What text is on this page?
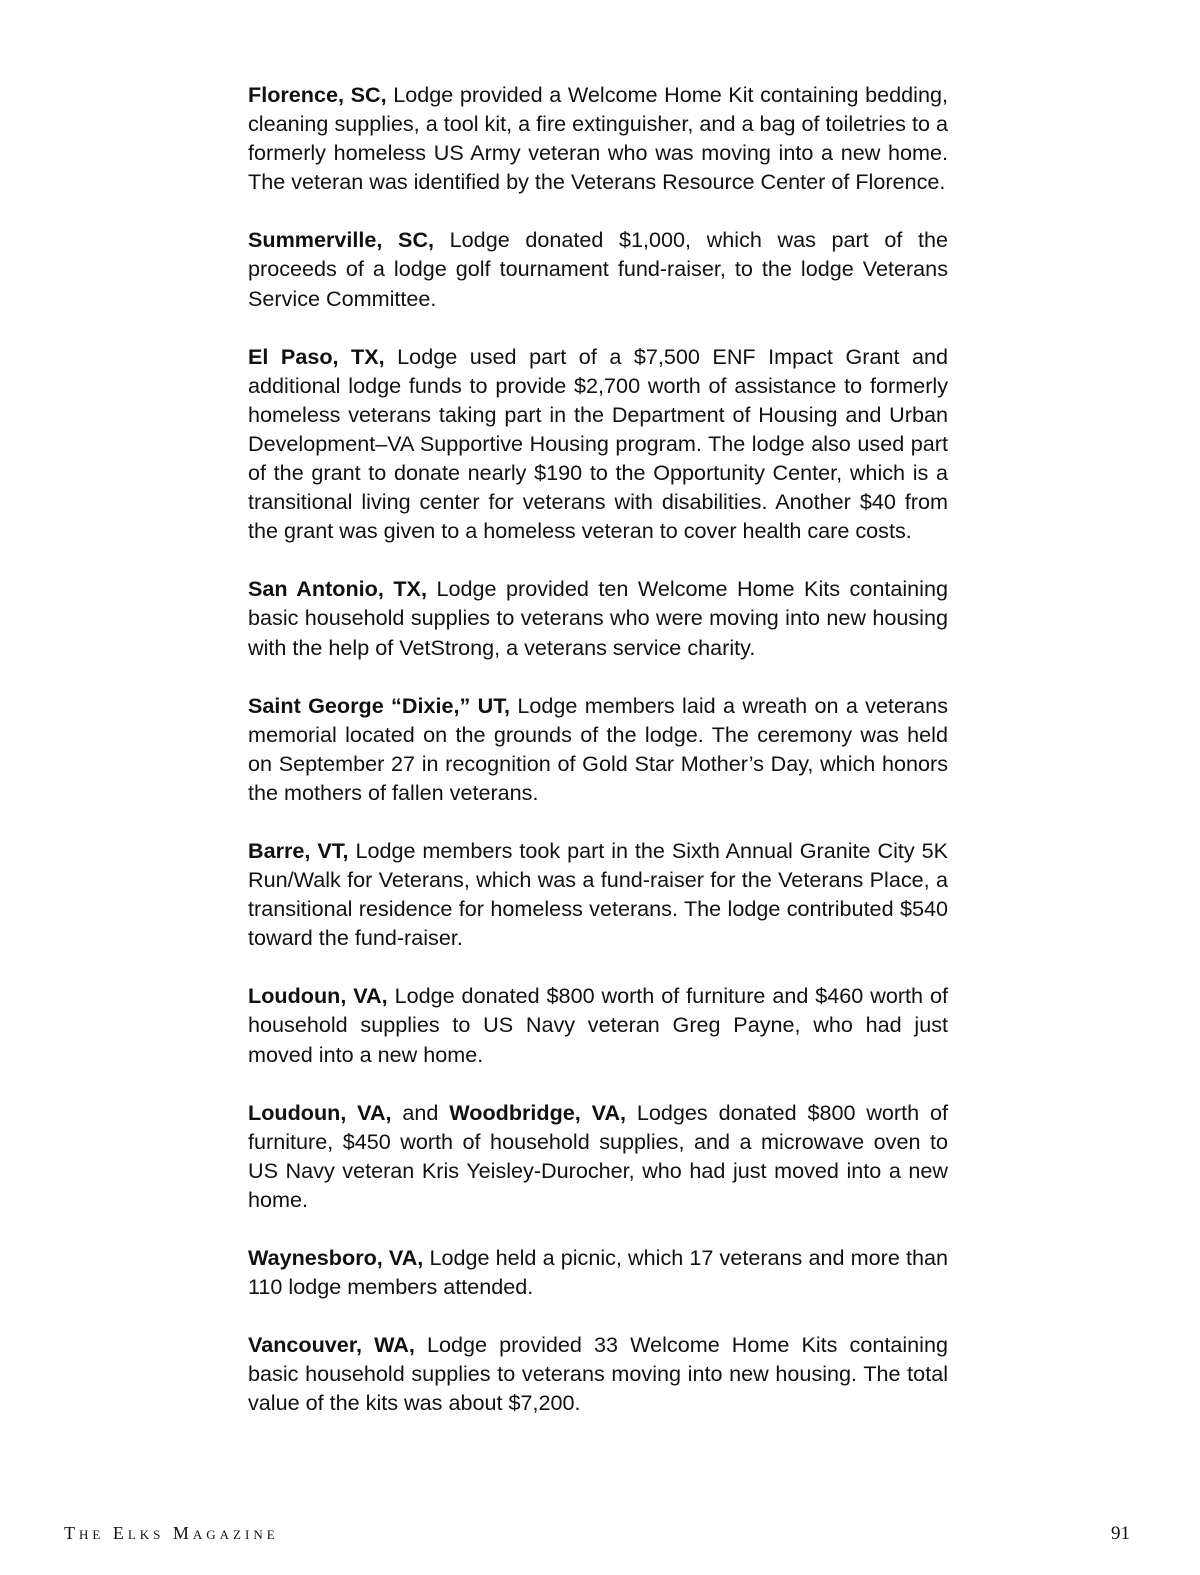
Florence, SC, Lodge provided a Welcome Home Kit containing bedding, cleaning supplies, a tool kit, a fire extinguisher, and a bag of toiletries to a formerly homeless US Army veteran who was moving into a new home. The veteran was identified by the Veterans Resource Center of Florence.

Summerville, SC, Lodge donated $1,000, which was part of the proceeds of a lodge golf tournament fund-raiser, to the lodge Veterans Service Committee.

El Paso, TX, Lodge used part of a $7,500 ENF Impact Grant and additional lodge funds to provide $2,700 worth of assistance to formerly homeless veterans taking part in the Department of Housing and Urban Development–VA Supportive Housing program. The lodge also used part of the grant to donate nearly $190 to the Opportunity Center, which is a transitional living center for veterans with disabilities. Another $40 from the grant was given to a homeless veteran to cover health care costs.

San Antonio, TX, Lodge provided ten Welcome Home Kits containing basic household supplies to veterans who were moving into new housing with the help of VetStrong, a veterans service charity.

Saint George “Dixie,” UT, Lodge members laid a wreath on a veterans memorial located on the grounds of the lodge. The ceremony was held on September 27 in recognition of Gold Star Mother’s Day, which honors the mothers of fallen veterans.

Barre, VT, Lodge members took part in the Sixth Annual Granite City 5K Run/Walk for Veterans, which was a fund-raiser for the Veterans Place, a transitional residence for homeless veterans. The lodge contributed $540 toward the fund-raiser.

Loudoun, VA, Lodge donated $800 worth of furniture and $460 worth of household supplies to US Navy veteran Greg Payne, who had just moved into a new home.

Loudoun, VA, and Woodbridge, VA, Lodges donated $800 worth of furniture, $450 worth of household supplies, and a microwave oven to US Navy veteran Kris Yeisley-Durocher, who had just moved into a new home.

Waynesboro, VA, Lodge held a picnic, which 17 veterans and more than 110 lodge members attended.

Vancouver, WA, Lodge provided 33 Welcome Home Kits containing basic household supplies to veterans moving into new housing. The total value of the kits was about $7,200.

The Elks Magazine	91
